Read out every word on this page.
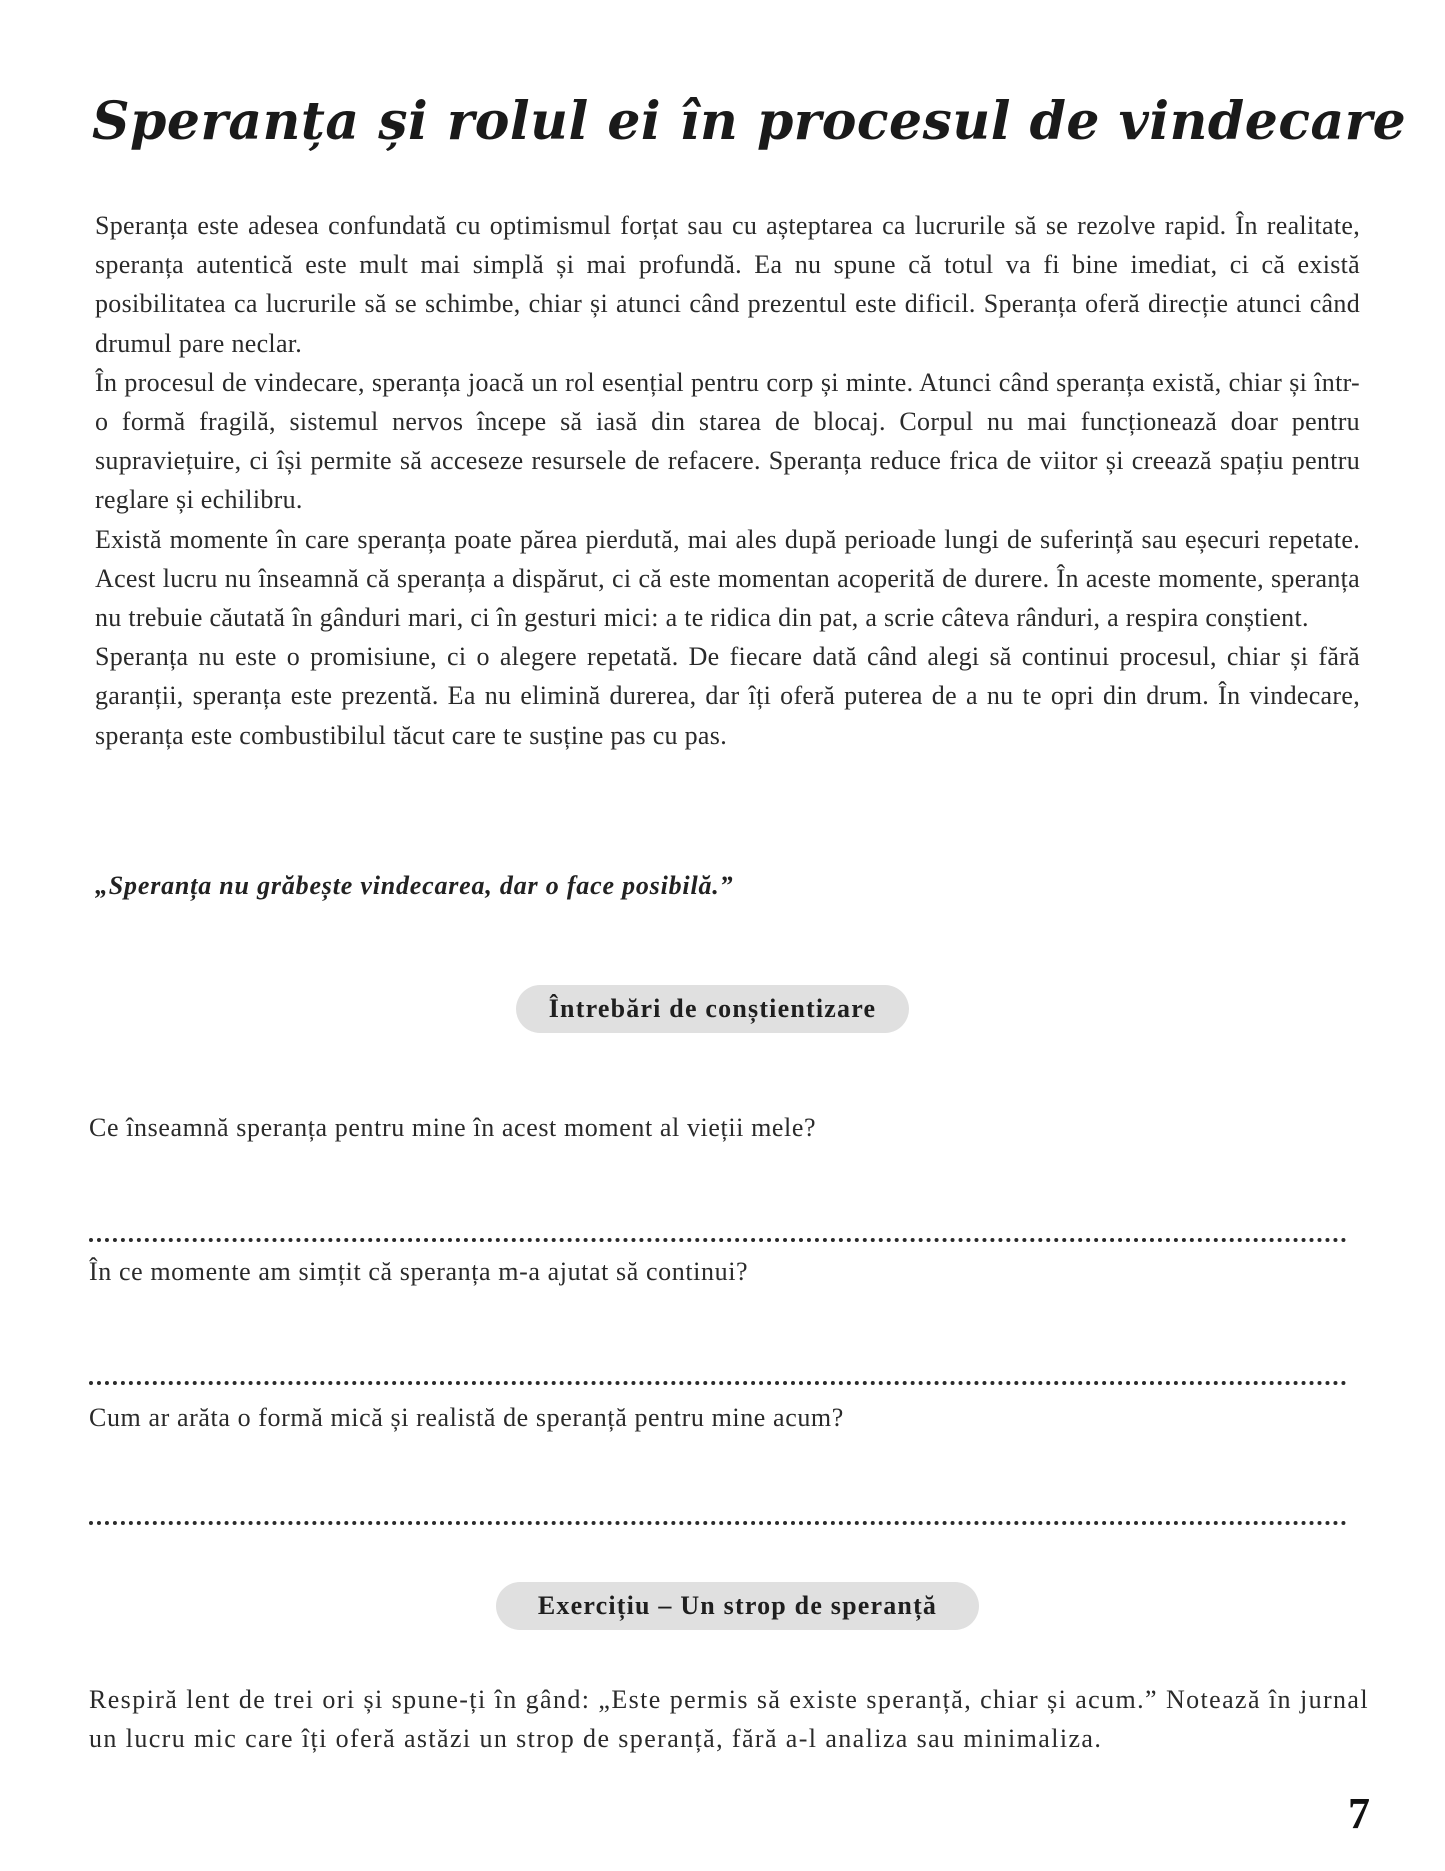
Speranța și rolul ei în procesul de vindecare

Speranța este adesea confundată cu optimismul forțat sau cu așteptarea ca lucrurile să se rezolve rapid. În realitate, speranța autentică este mult mai simplă și mai profundă. Ea nu spune că totul va fi bine imediat, ci că există posibilitatea ca lucrurile să se schimbe, chiar și atunci când prezentul este dificil. Speranța oferă direcție atunci când drumul pare neclar.

În procesul de vindecare, speranța joacă un rol esențial pentru corp și minte. Atunci când speranța există, chiar și într-o formă fragilă, sistemul nervos începe să iasă din starea de blocaj. Corpul nu mai funcționează doar pentru supraviețuire, ci își permite să acceseze resursele de refacere. Speranța reduce frica de viitor și creează spațiu pentru reglare și echilibru.

Există momente în care speranța poate părea pierdută, mai ales după perioade lungi de suferință sau eșecuri repetate. Acest lucru nu înseamnă că speranța a dispărut, ci că este momentan acoperită de durere. În aceste momente, speranța nu trebuie căutată în gânduri mari, ci în gesturi mici: a te ridica din pat, a scrie câteva rânduri, a respira conștient.

Speranța nu este o promisiune, ci o alegere repetată. De fiecare dată când alegi să continui procesul, chiar și fără garanții, speranța este prezentă. Ea nu elimină durerea, dar îți oferă puterea de a nu te opri din drum. În vindecare, speranța este combustibilul tăcut care te susține pas cu pas.

„Speranța nu grăbește vindecarea, dar o face posibilă.”

Întrebări de conștientizare

Ce înseamnă speranța pentru mine în acest moment al vieții mele?

În ce momente am simțit că speranța m-a ajutat să continui?

Cum ar arăta o formă mică și realistă de speranță pentru mine acum?

Exercițiu – Un strop de speranță

Respiră lent de trei ori și spune-ți în gând: „Este permis să existe speranță, chiar și acum.” Notează în jurnal un lucru mic care îți oferă astăzi un strop de speranță, fără a-l analiza sau minimaliza.

7
